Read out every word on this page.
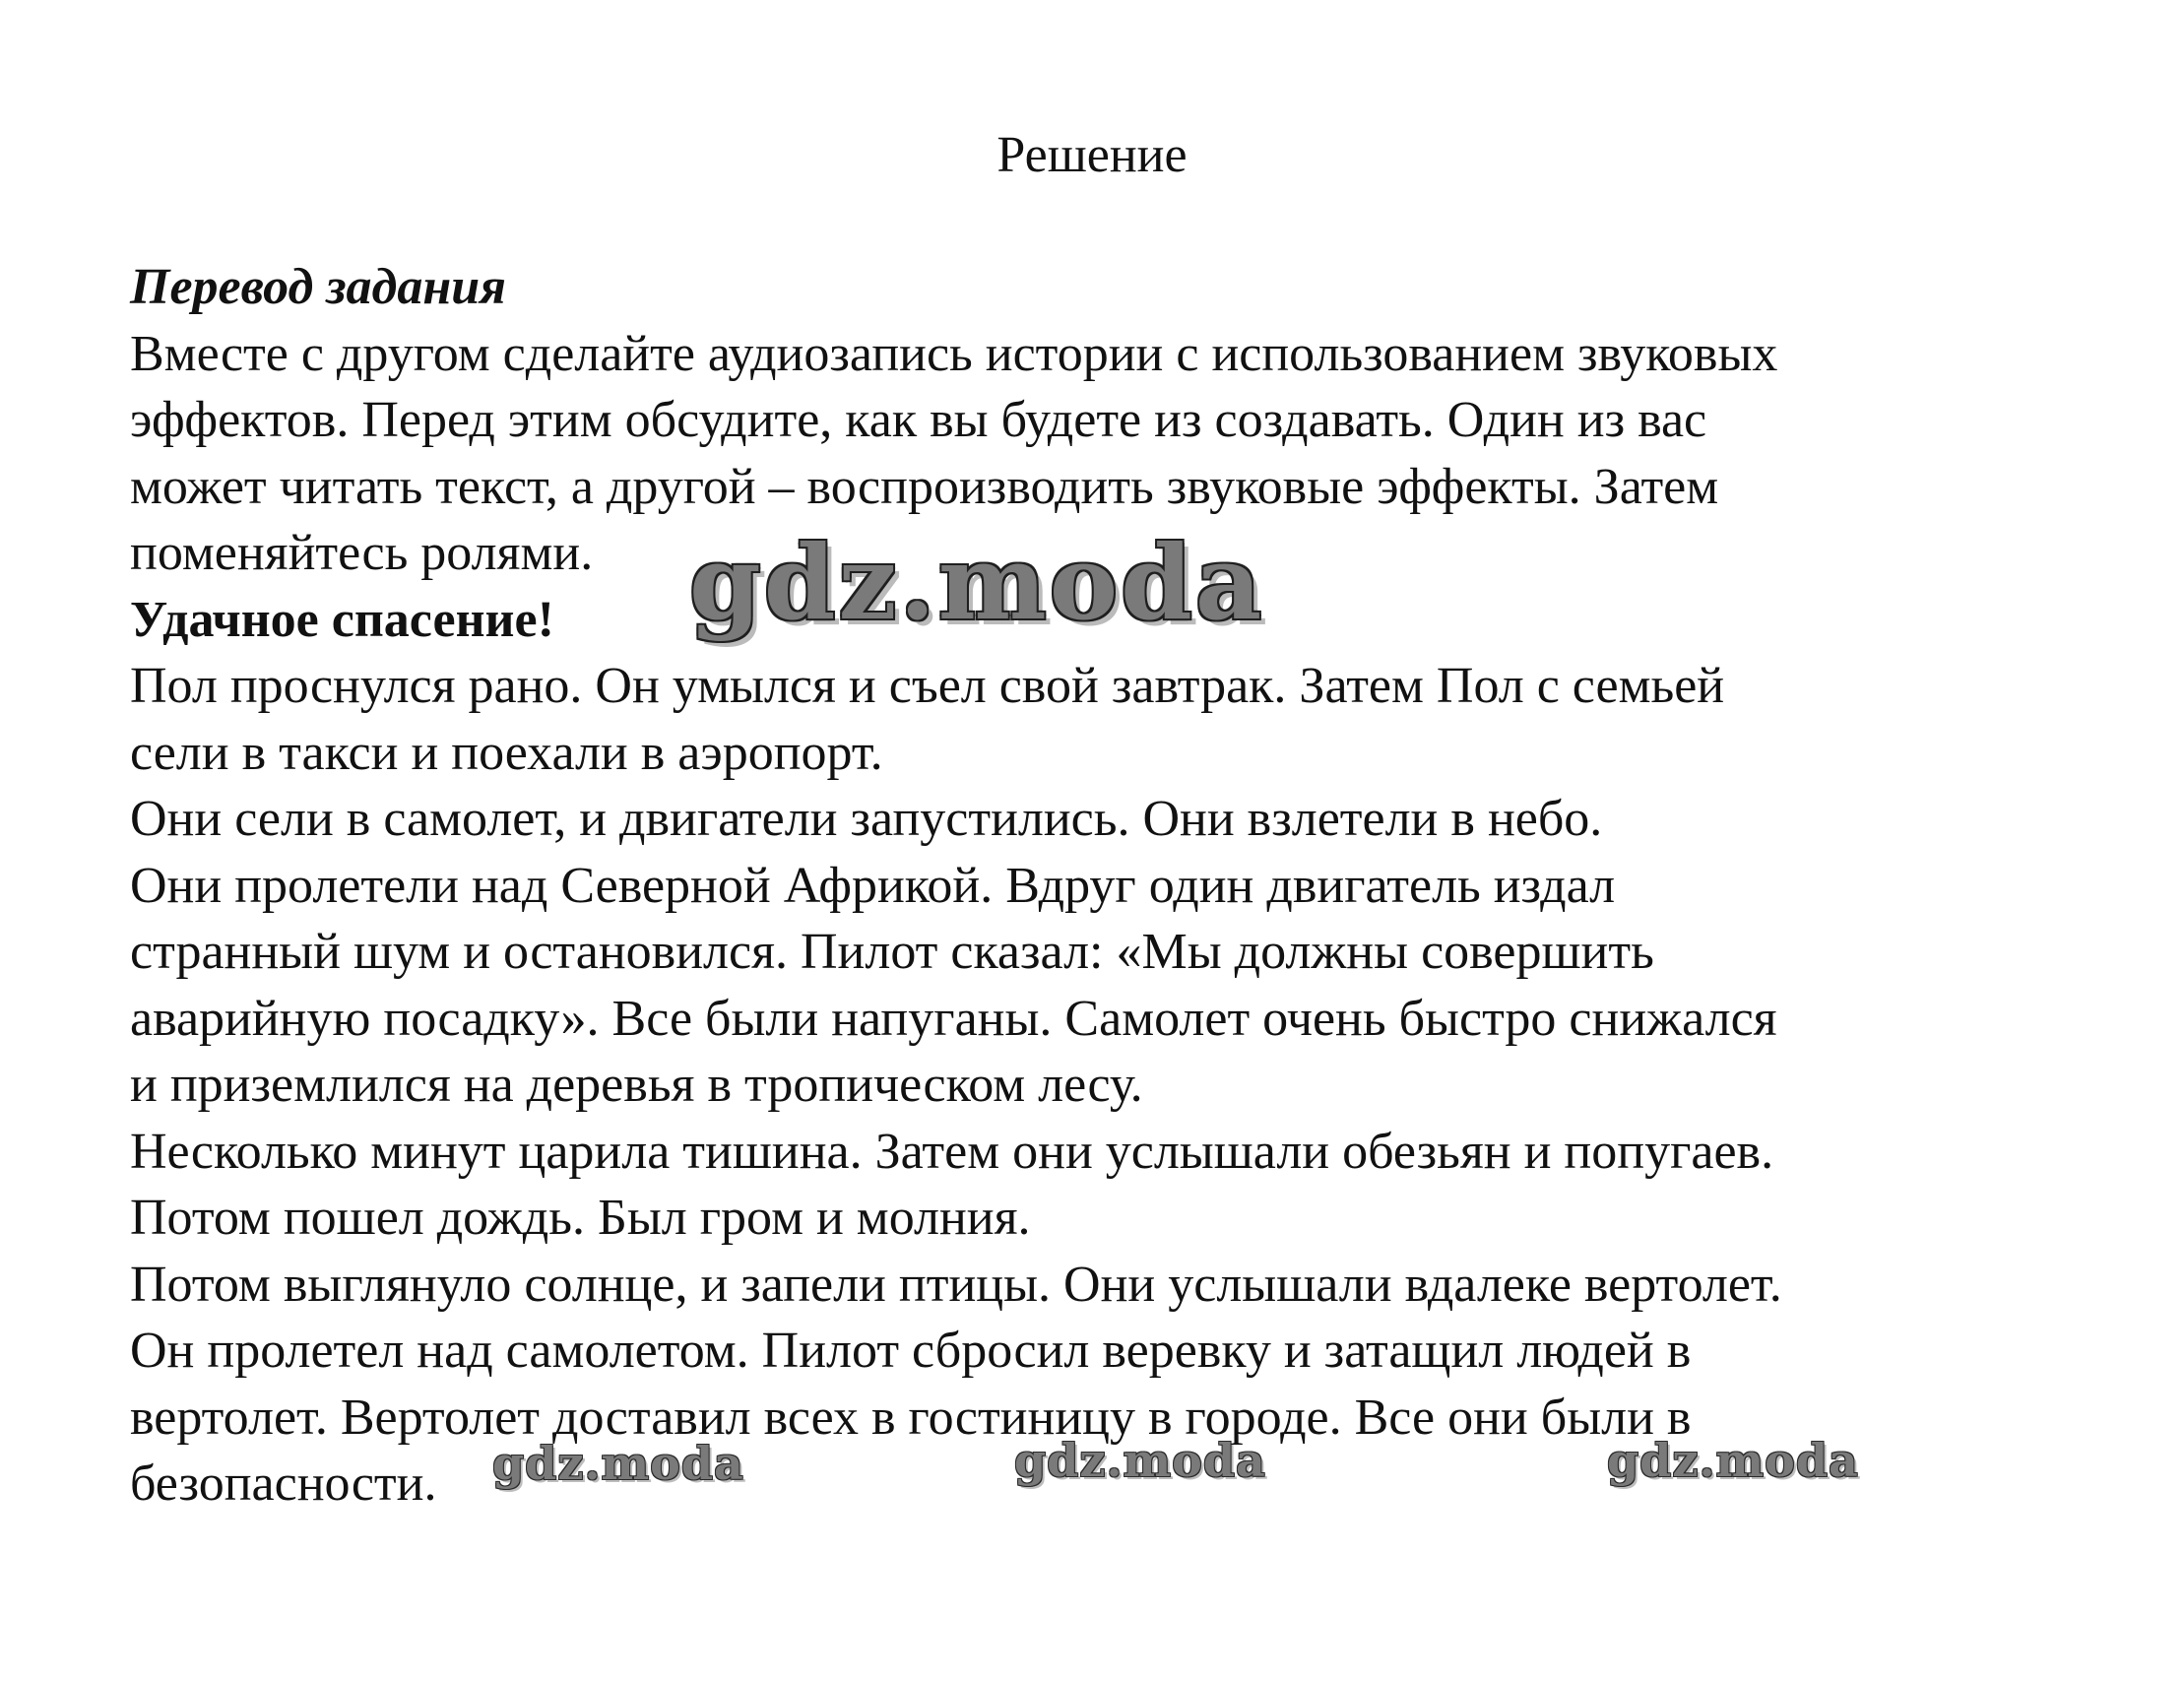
Решение
Перевод задания
Вместе с другом сделайте аудиозапись истории с использованием звуковых
эффектов. Перед этим обсудите, как вы будете из создавать. Один из вас
может читать текст, а другой – воспроизводить звуковые эффекты. Затем
поменяйтесь ролями.
Удачное спасение!
Пол проснулся рано. Он умылся и съел свой завтрак. Затем Пол с семьей
сели в такси и поехали в аэропорт.
Они сели в самолет, и двигатели запустились. Они взлетели в небо.
Они пролетели над Северной Африкой. Вдруг один двигатель издал
странный шум и остановился. Пилот сказал: «Мы должны совершить
аварийную посадку». Все были напуганы. Самолет очень быстро снижался
и приземлился на деревья в тропическом лесу.
Несколько минут царила тишина. Затем они услышали обезьян и попугаев.
Потом пошел дождь. Был гром и молния.
Потом выглянуло солнце, и запели птицы. Они услышали вдалеке вертолет.
Он пролетел над самолетом. Пилот сбросил веревку и затащил людей в
вертолет. Вертолет доставил всех в гостиницу в городе. Все они были в
безопасности.
gdz.moda
gdz.moda	gdz.moda	gdz.moda
